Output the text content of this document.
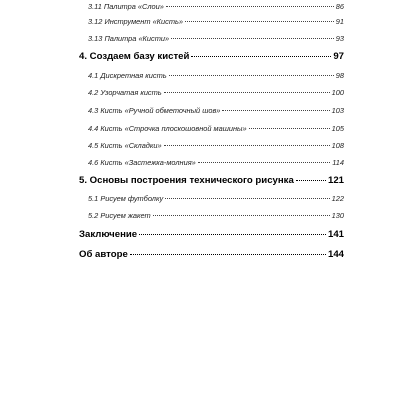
3.11 Палитра «Слои»	86
3.12 Инструмент «Кисть»	91
3.13 Палитра «Кисти»	93
4. Создаем базу кистей	97
4.1 Дискретная кисть	98
4.2 Узорчатая кисть	100
4.3 Кисть «Ручной обметочный шов»	103
4.4 Кисть «Строчка плоскошовной машины»	105
4.5 Кисть «Складки»	108
4.6 Кисть «Застежка-молния»	114
5. Основы построения технического рисунка	121
5.1 Рисуем футболку	122
5.2 Рисуем жакет	130
Заключение	141
Об авторе	144
